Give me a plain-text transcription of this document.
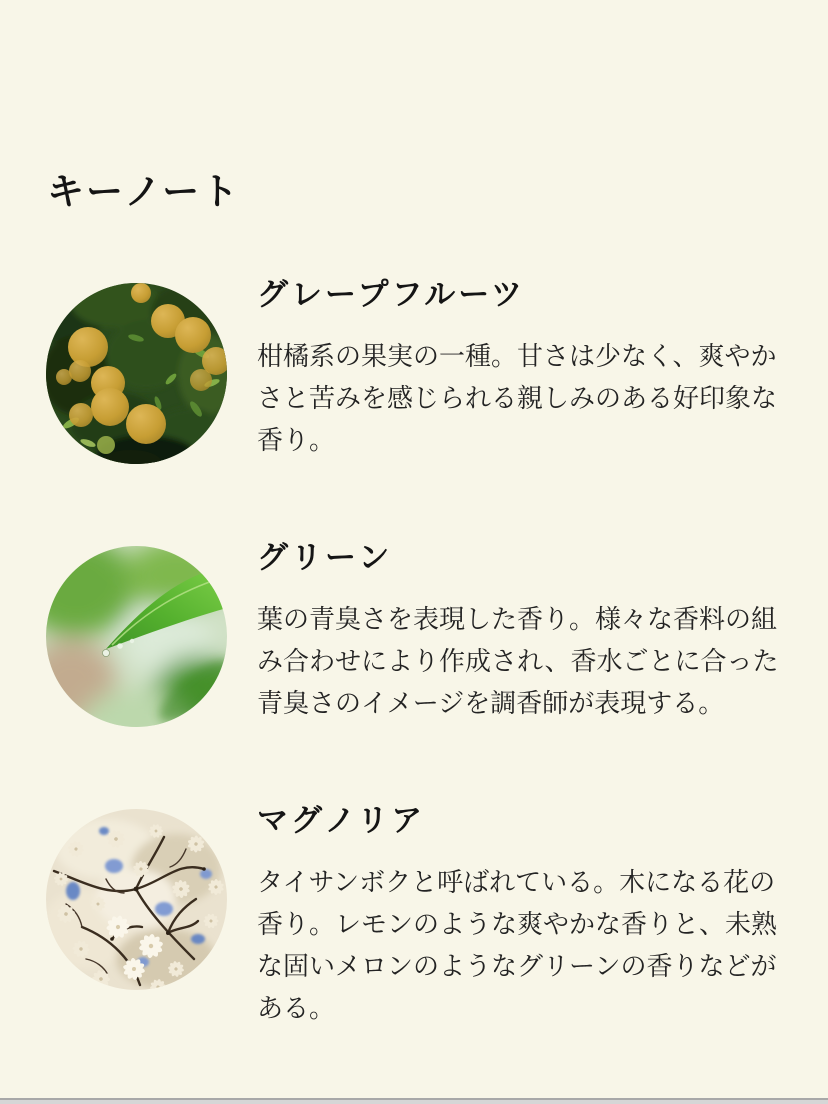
キーノート
グレープフルーツ

柑橘系の果実の一種。甘さは少なく、爽やかさと苦みを感じられる親しみのある好印象な香り。

グリーン

葉の青臭さを表現した香り。様々な香料の組み合わせにより作成され、香水ごとに合った青臭さのイメージを調香師が表現する。

マグノリア

タイサンボクと呼ばれている。木になる花の香り。レモンのような爽やかな香りと、未熟な固いメロンのようなグリーンの香りなどがある。
